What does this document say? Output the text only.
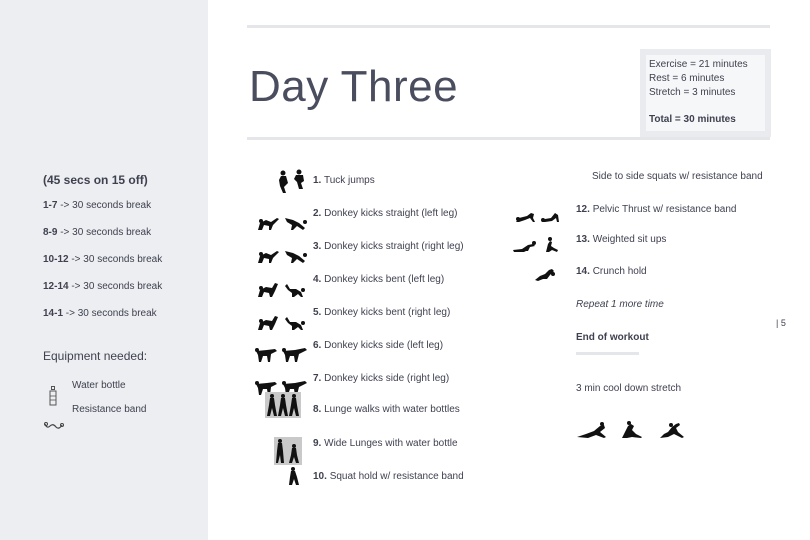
(45 secs on 15 off)
1-7 -> 30 seconds break
8-9 -> 30 seconds break
10-12 -> 30 seconds break
12-14 -> 30 seconds break
14-1 -> 30 seconds break
Equipment needed:
Water bottle
Resistance band
Day Three	Exercise = 21 minutes
Rest = 6 minutes
Stretch = 3 minutes
Total = 30 minutes
1. Tuck jumps
2. Donkey kicks straight (left leg)
3. Donkey kicks straight (right leg)
4. Donkey kicks bent (left leg)
5. Donkey kicks bent (right leg)
6. Donkey kicks side (left leg)
7. Donkey kicks side (right leg)
8. Lunge walks with water bottles
9. Wide Lunges with water bottle
10. Squat hold w/ resistance band
Side to side squats w/ resistance band
12. Pelvic Thrust w/ resistance band
13. Weighted sit ups
14. Crunch hold
Repeat 1 more time
End of workout
3 min cool down stretch
| 5
